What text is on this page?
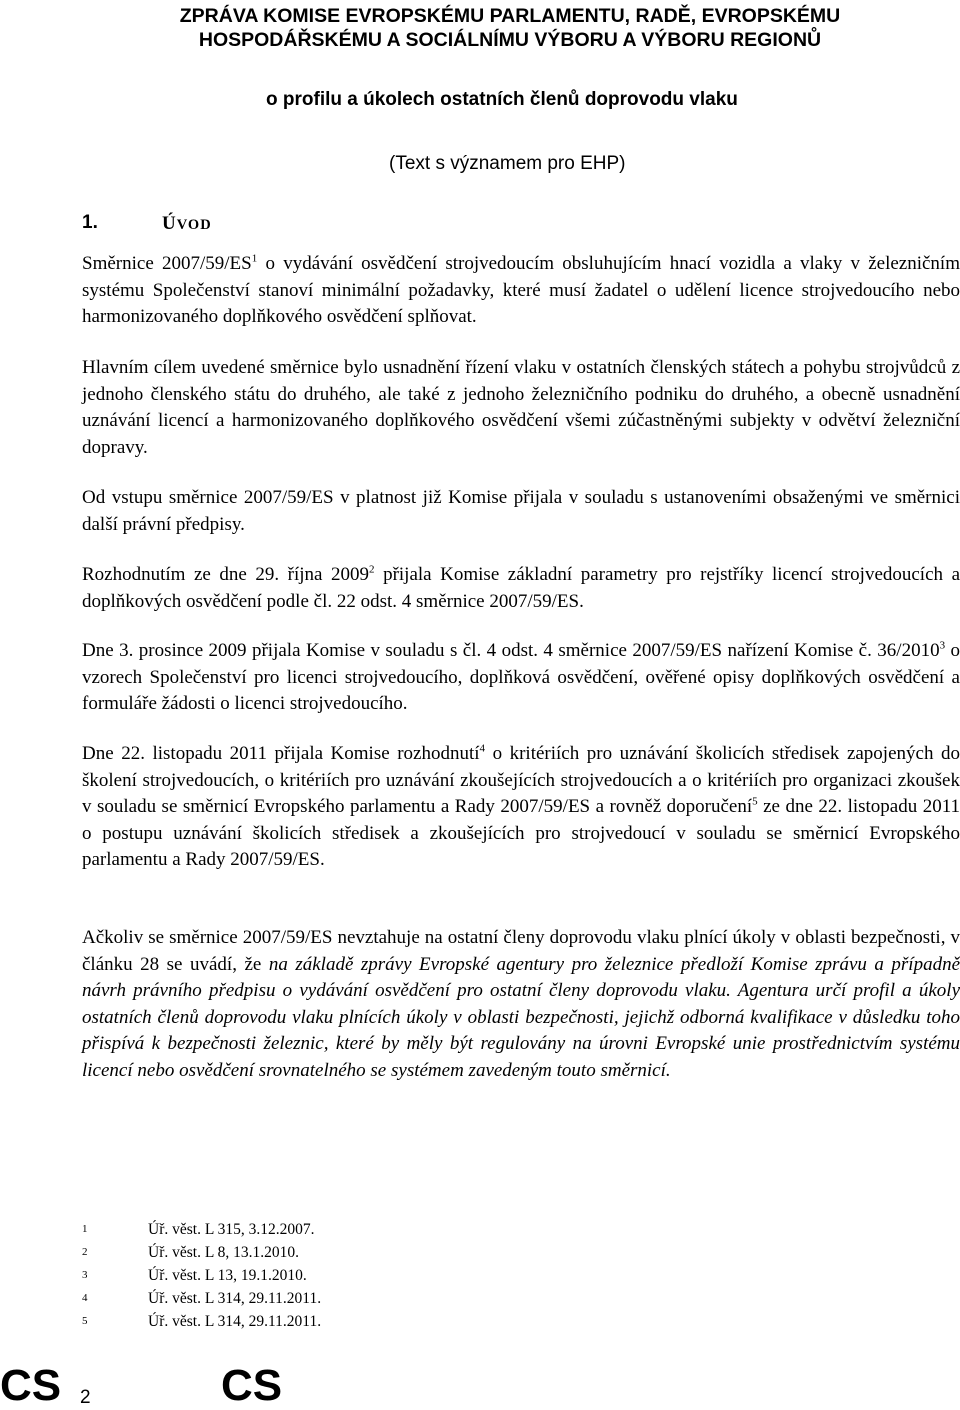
ZPRÁVA KOMISE EVROPSKÉMU PARLAMENTU, RADĚ, EVROPSKÉMU
HOSPODÁŘSKÉMU A SOCIÁLNÍMU VÝBORU A VÝBORU REGIONŮ
o profilu a úkolech ostatních členů doprovodu vlaku
(Text s významem pro EHP)
1.	ÚVOD

Směrnice $2007/59/ES^1$ o vydávání osvědčení strojvedoucím obsluhujícím hnací vozidla a vlaky v železničním systému Společenství stanoví minimální požadavky, které musí žadatel o udělení licence strojvedoucího nebo harmonizovaného doplňkového osvědčení splňovat.

Hlavním cílem uvedené směrnice bylo usnadnění řízení vlaku v ostatních členských státech a pohybu strojvůdců z jednoho členského státu do druhého, ale také z jednoho železničního podniku do druhého, a obecně usnadnění uznávání licencí a harmonizovaného doplňkového osvědčení všemi zúčastněnými subjekty v odvětví železniční dopravy.

Od vstupu směrnice 2007/59/ES v platnost již Komise přijala v souladu s ustanoveními obsaženými ve směrnici další právní předpisy.

Rozhodnutím ze dne 29. října 2009$^2$ přijala Komise základní parametry pro rejstříky licencí strojvedoucích a doplňkových osvědčení podle čl. 22 odst. 4 směrnice 2007/59/ES.

Dne 3. prosince 2009 přijala Komise v souladu s čl. 4 odst. 4 směrnice 2007/59/ES nařízení Komise č. 36/2010$^3$ o vzorech Společenství pro licenci strojvedoucího, doplňková osvědčení, ověřené opisy doplňkových osvědčení a formuláře žádosti o licenci strojvedoucího.

Dne 22. listopadu 2011 přijala Komise rozhodnutí$^4$ o kritériích pro uznávání školicích středisek zapojených do školení strojvedoucích, o kritériích pro uznávání zkoušejících strojvedoucích a o kritériích pro organizaci zkoušek v souladu se směrnicí Evropského parlamentu a Rady 2007/59/ES a rovněž doporučení$^5$ ze dne 22. listopadu 2011 o postupu uznávání školicích středisek a zkoušejících pro strojvedoucí v souladu se směrnicí Evropského parlamentu a Rady 2007/59/ES.

Ačkoliv se směrnice 2007/59/ES nevztahuje na ostatní členy doprovodu vlaku plnící úkoly v oblasti bezpečnosti, v článku 28 se uvádí, že na základě zprávy Evropské agentury pro železnice předloží Komise zprávu a případně návrh právního předpisu o vydávání osvědčení pro ostatní členy doprovodu vlaku. Agentura určí profil a úkoly ostatních členů doprovodu vlaku plnících úkoly v oblasti bezpečnosti, jejichž odborná kvalifikace v důsledku toho přispívá k bezpečnosti železnic, které by měly být regulovány na úrovni Evropské unie prostřednictvím systému licencí nebo osvědčení srovnatelného se systémem zavedeným touto směrnicí.

1	Úř. věst. L 315, 3.12.2007.
2	Úř. věst. L 8, 13.1.2010.
3	Úř. věst. L 13, 19.1.2010.
4	Úř. věst. L 314, 29.11.2011.
5	Úř. věst. L 314, 29.11.2011.
CS 2	CS
